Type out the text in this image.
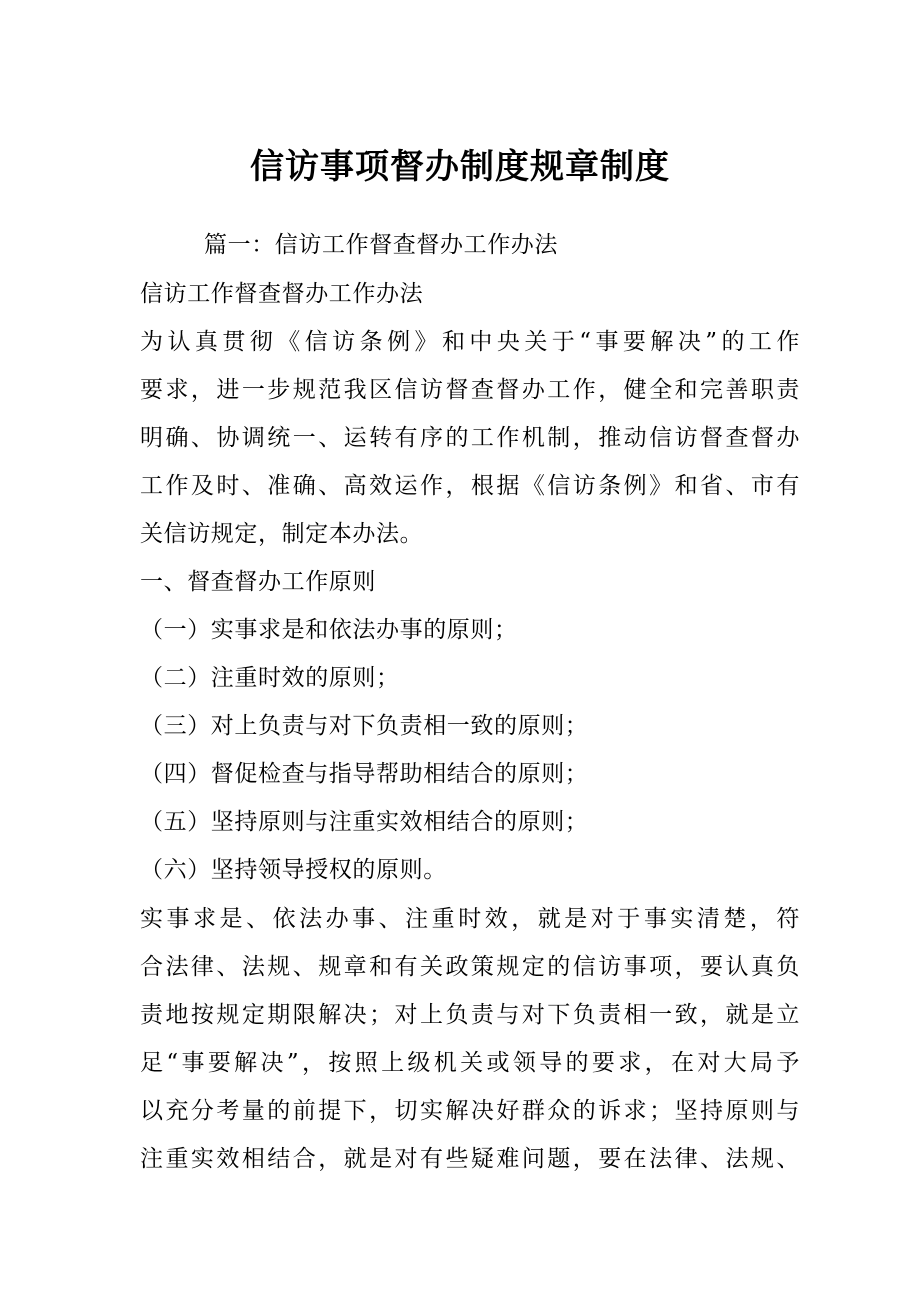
信访事项督办制度规章制度

篇一：信访工作督查督办工作办法

信访工作督查督办工作办法

为认真贯彻《信访条例》和中央关于“事要解决”的工作

要求，进一步规范我区信访督查督办工作，健全和完善职责

明确、协调统一、运转有序的工作机制，推动信访督查督办

工作及时、准确、高效运作，根据《信访条例》和省、市有

关信访规定，制定本办法。

一、督查督办工作原则

（一）实事求是和依法办事的原则；

（二）注重时效的原则；

（三）对上负责与对下负责相一致的原则；

（四）督促检查与指导帮助相结合的原则；

（五）坚持原则与注重实效相结合的原则；

（六）坚持领导授权的原则。

实事求是、依法办事、注重时效，就是对于事实清楚，符

合法律、法规、规章和有关政策规定的信访事项，要认真负

责地按规定期限解决；对上负责与对下负责相一致，就是立

足“事要解决”，按照上级机关或领导的要求，在对大局予

以充分考量的前提下，切实解决好群众的诉求；坚持原则与

注重实效相结合，就是对有些疑难问题，要在法律、法规、
